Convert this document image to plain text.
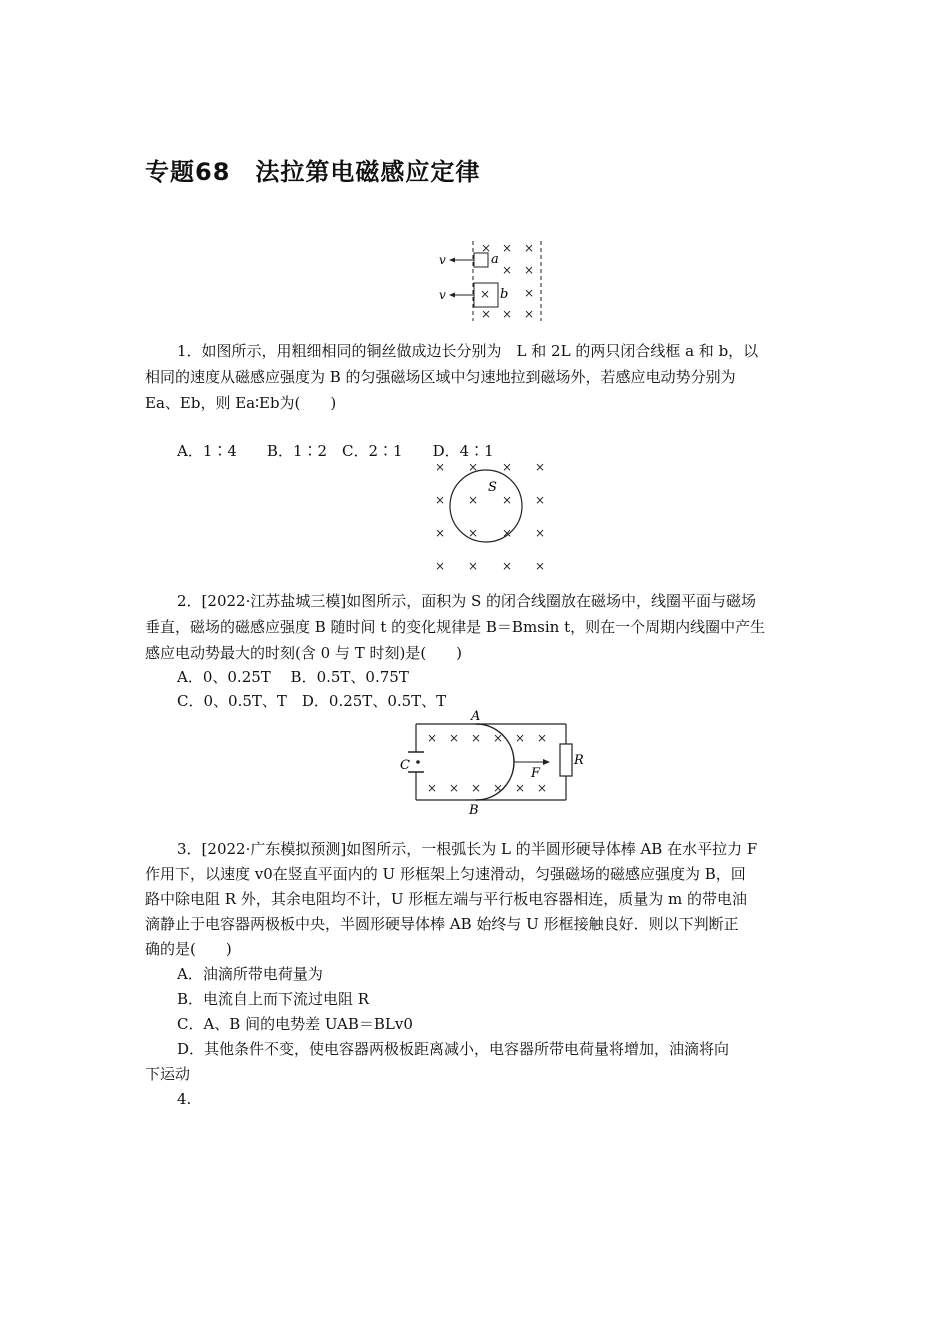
专题68　法拉第电磁感应定律
× × ×
× ×
×
× × ×
×
v
v
a
b
1．如图所示，用粗细相同的铜丝做成边长分别为　L 和 2L 的两只闭合线框 a 和 b，以
相同的速度从磁感应强度为 B 的匀强磁场区域中匀速地拉到磁场外，若感应电动势分别为
Ea、Eb，则 Ea∶Eb为(　　)
A．1∶4　　B．1∶2　C．2∶1　　D．4∶1
× × × ×
× × × ×
× × × ×
× × × ×
S
2．[2022·江苏盐城三模]如图所示，面积为 S 的闭合线圈放在磁场中，线圈平面与磁场
垂直，磁场的磁感应强度 B 随时间 t 的变化规律是 B＝Bmsin t，则在一个周期内线圈中产生
感应电动势最大的时刻(含 0 与 T 时刻)是(　　)
A．0、0.25T　 B．0.5T、0.75T
C．0、0.5T、T　D．0.25T、0.5T、T
× × × × × ×
× × × × × ×
A
B
C
F
R
3．[2022·广东模拟预测]如图所示，一根弧长为 L 的半圆形硬导体棒 AB 在水平拉力 F
作用下，以速度 v0在竖直平面内的 U 形框架上匀速滑动，匀强磁场的磁感应强度为 B，回
路中除电阻 R 外，其余电阻均不计，U 形框左端与平行板电容器相连，质量为 m 的带电油
滴静止于电容器两极板中央，半圆形硬导体棒 AB 始终与 U 形框接触良好．则以下判断正
确的是(　　)
A．油滴所带电荷量为
B．电流自上而下流过电阻 R
C．A、B 间的电势差 UAB＝BLv0
D．其他条件不变，使电容器两极板距离减小，电容器所带电荷量将增加，油滴将向
下运动
4.
